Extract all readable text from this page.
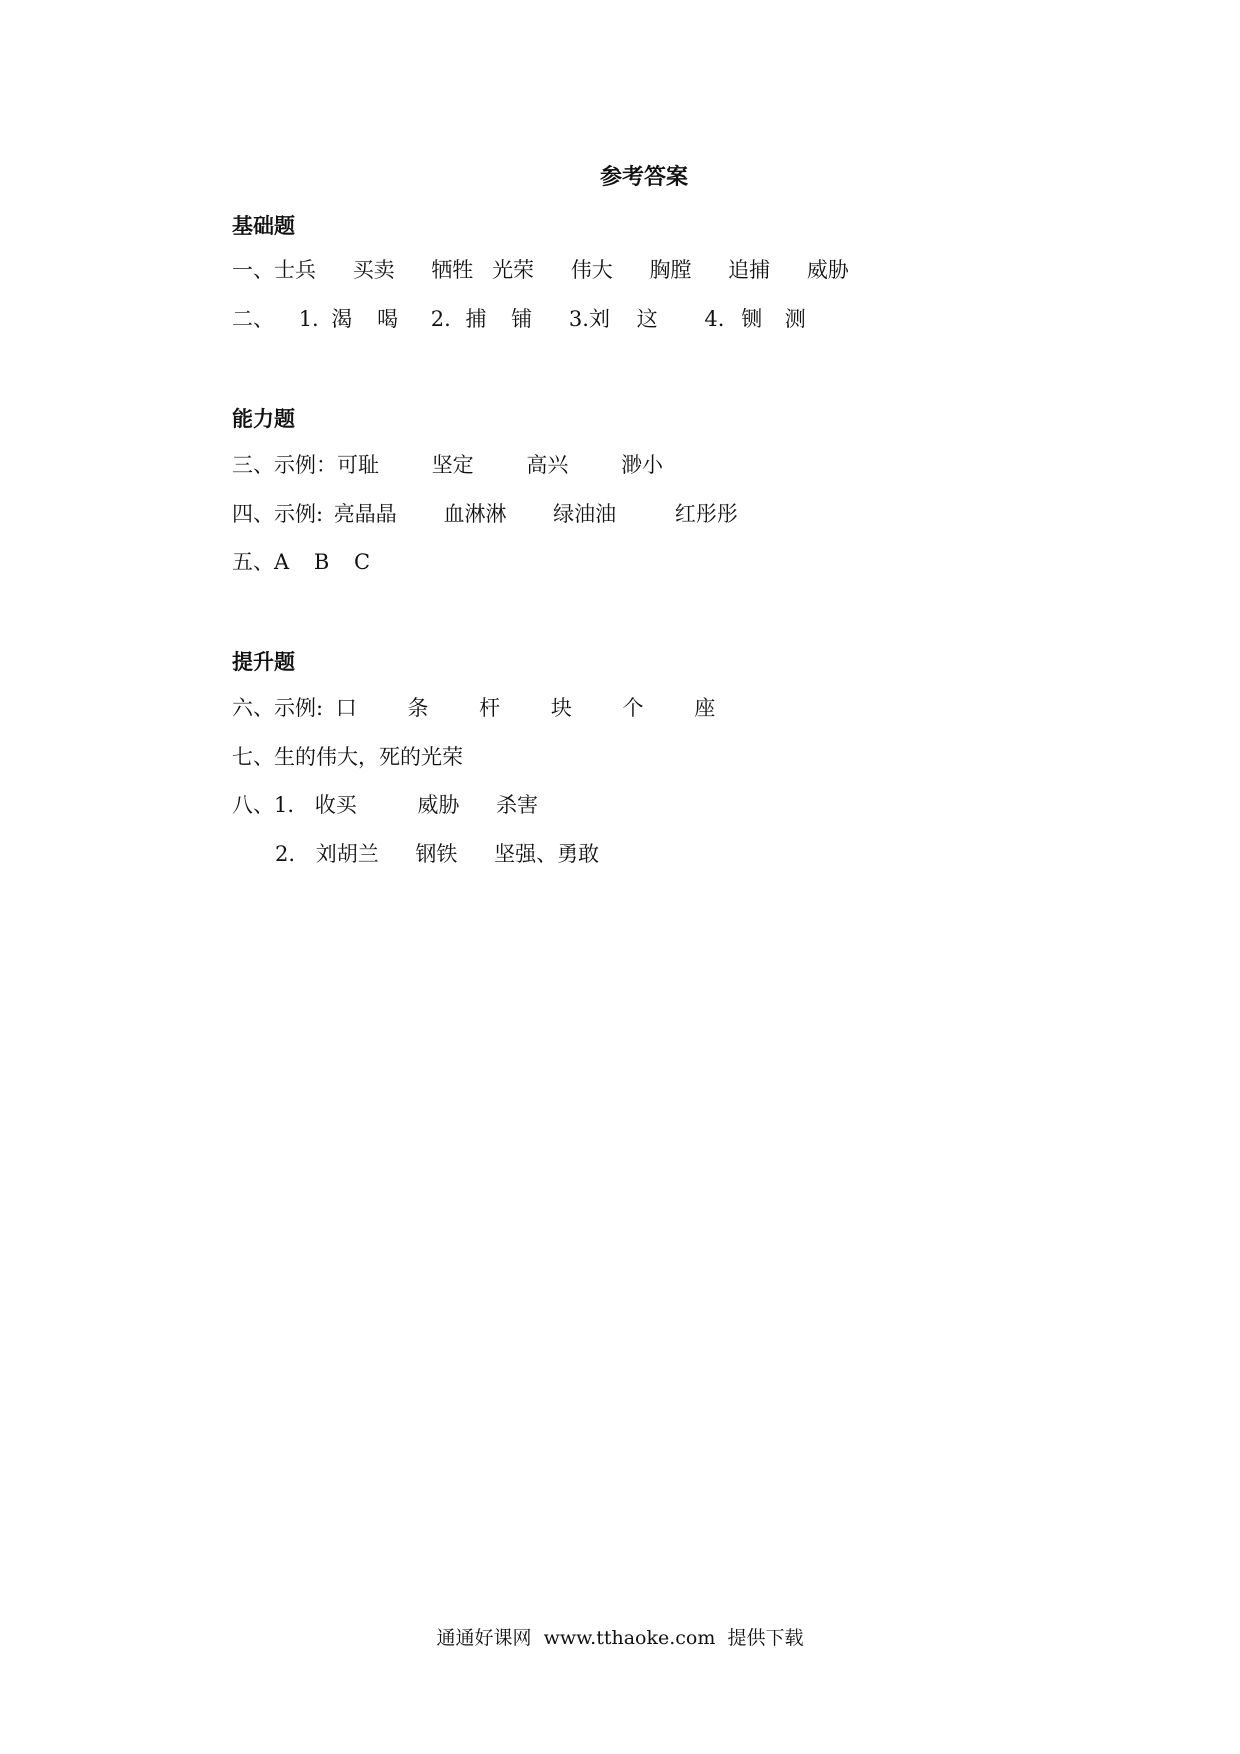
参考答案
基础题
一、士兵 买卖 牺牲 光荣 伟大 胸膛 追捕 威胁
二、 1. 渴 喝 2. 捕 铺 3.刘 这 4. 铡 测
能力题
三、示例：可耻	坚定	高兴	渺小
四、示例: 亮晶晶 血淋淋 绿油油	红彤彤
五、A B C
提升题
六、示例: 口 条 杆 块 个 座
七、生的伟大，死的光荣
八、1. 收买	威胁 杀害
2. 刘胡兰 钢铁 坚强、勇敢
通通好课网  www.tthaoke.com  提供下载
